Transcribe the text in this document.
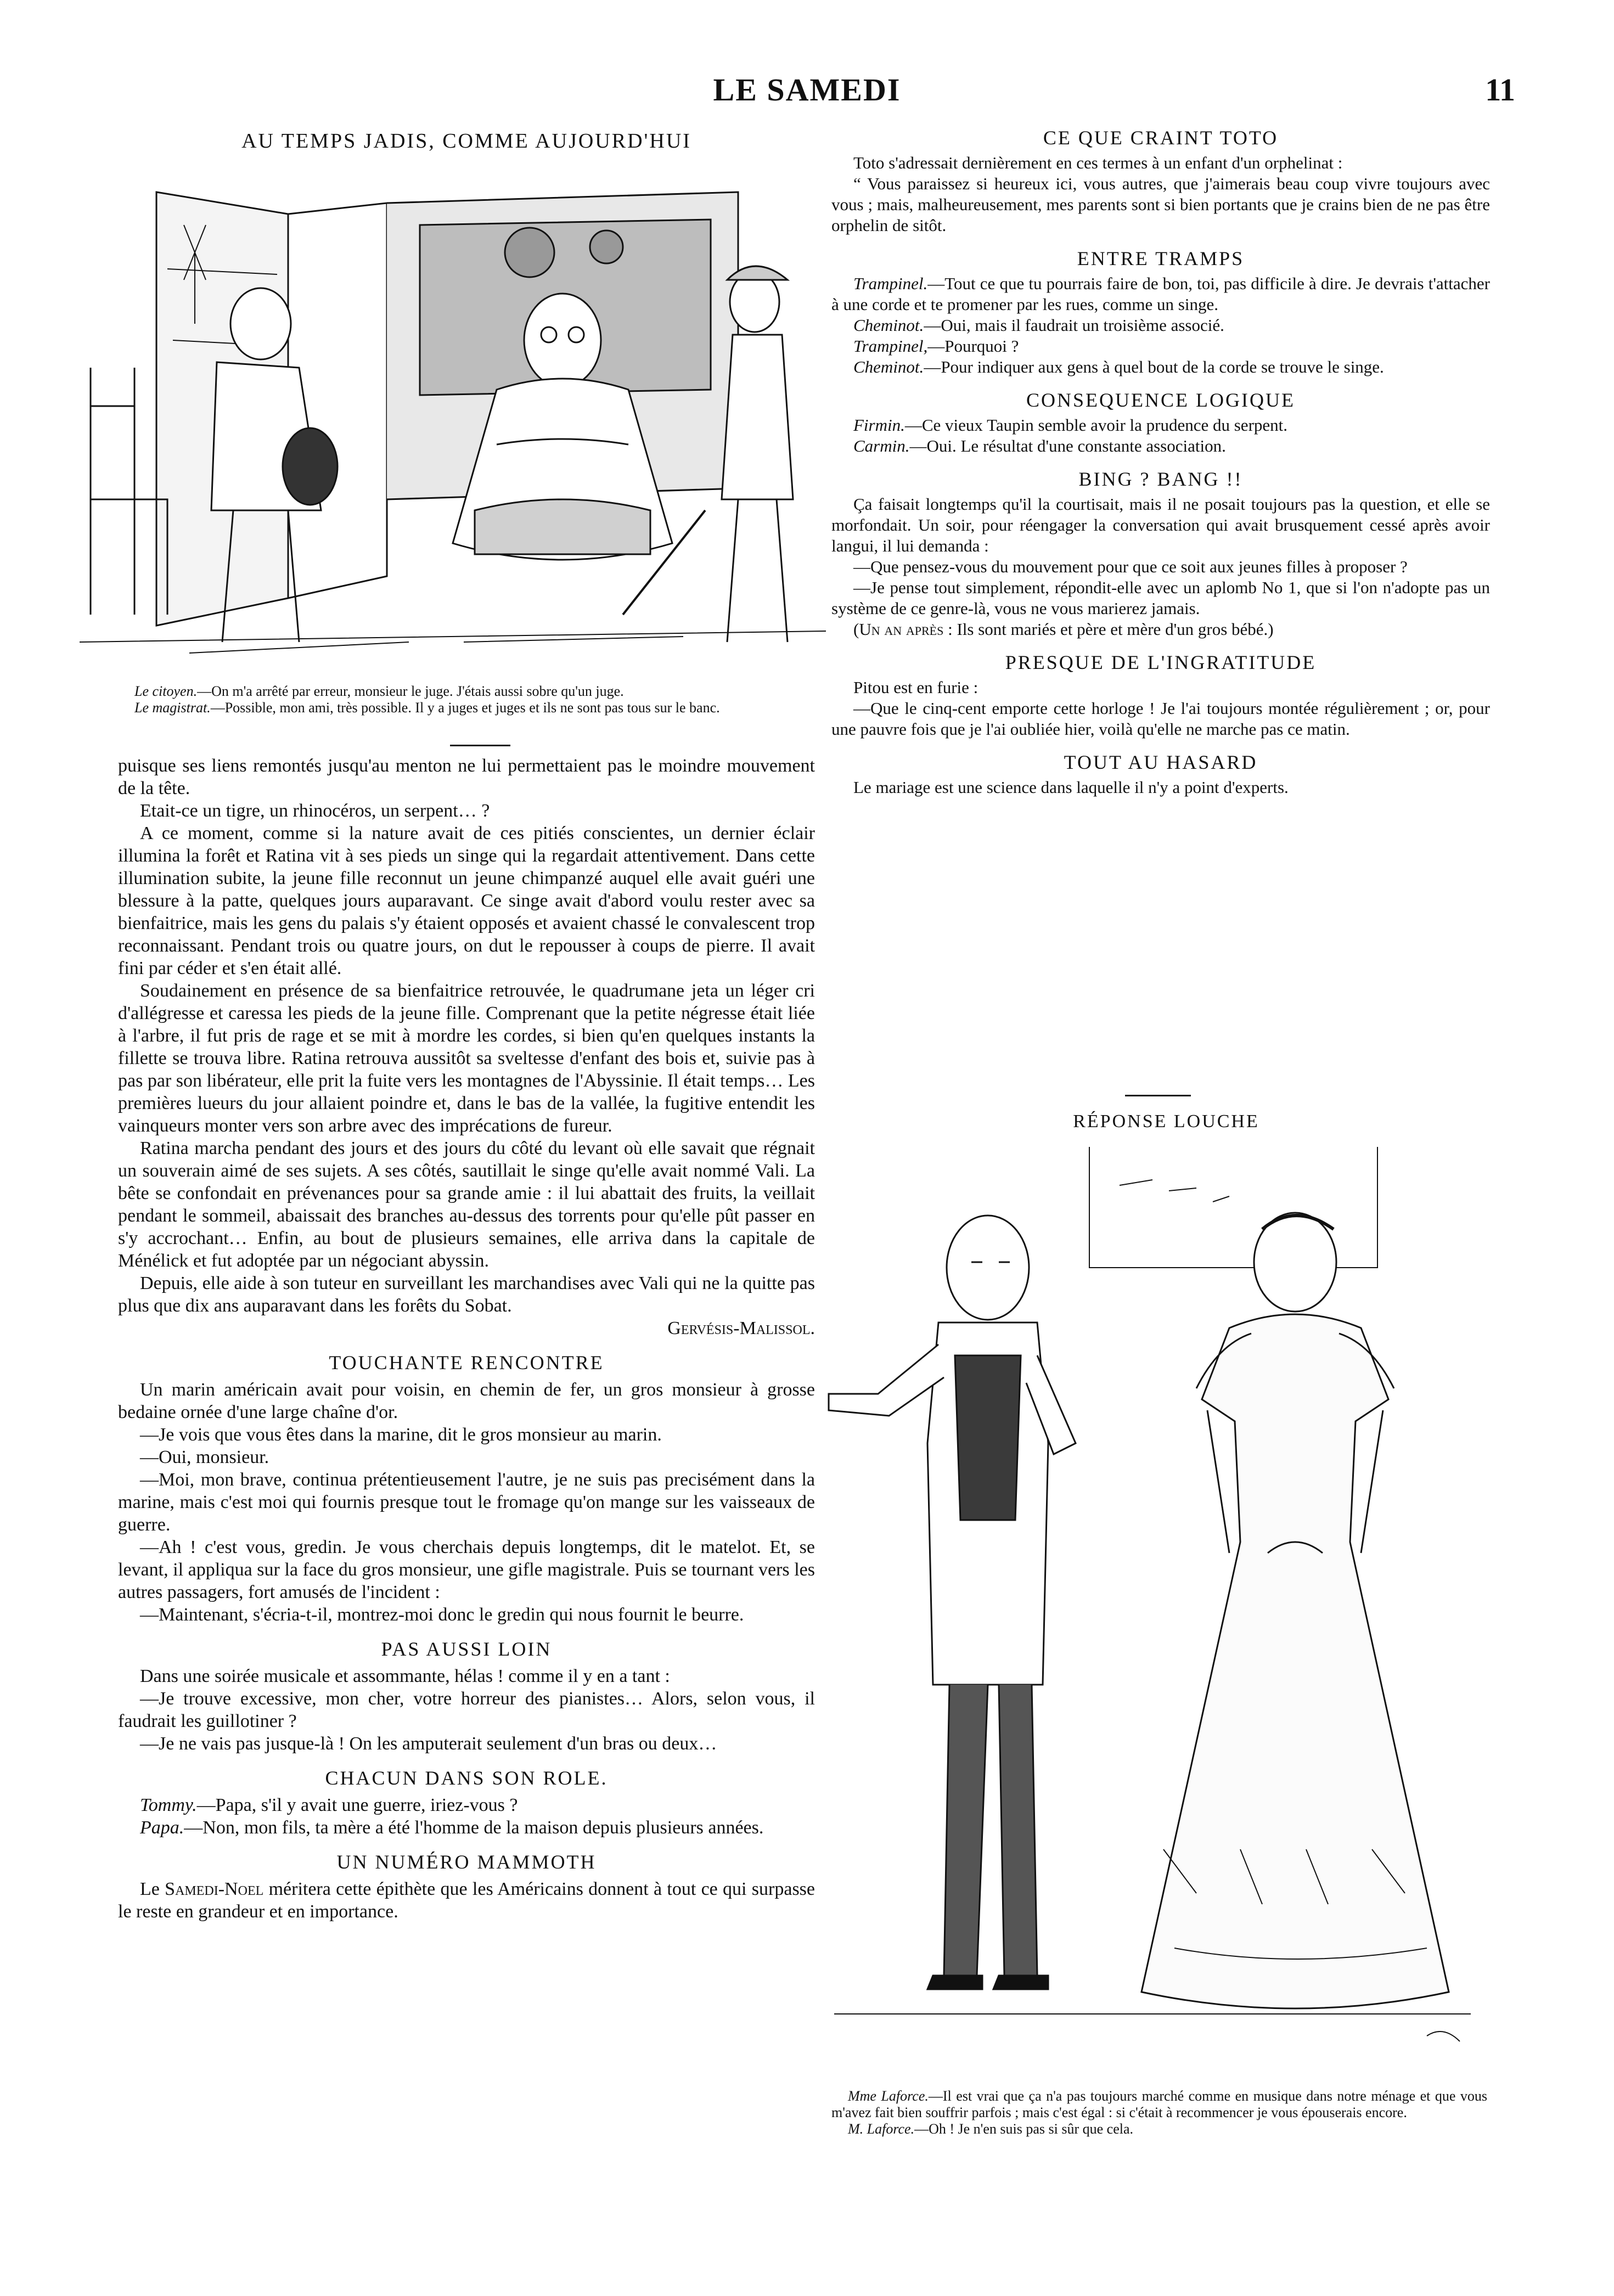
LE SAMEDI	11
AU TEMPS JADIS, COMME AUJOURD'HUI
Le citoyen.—On m'a arrêté par erreur, monsieur le juge. J'étais aussi sobre qu'un juge.
Le magistrat.—Possible, mon ami, très possible. Il y a juges et juges et ils ne sont pas tous sur le banc.

puisque ses liens remontés jusqu'au menton ne lui permettaient pas le moindre mouvement de la tête.

Etait-ce un tigre, un rhinocéros, un serpent… ?

A ce moment, comme si la nature avait de ces pitiés conscientes, un dernier éclair illumina la forêt et Ratina vit à ses pieds un singe qui la regardait attentivement. Dans cette illumination subite, la jeune fille reconnut un jeune chimpanzé auquel elle avait guéri une blessure à la patte, quelques jours auparavant. Ce singe avait d'abord voulu rester avec sa bienfaitrice, mais les gens du palais s'y étaient opposés et avaient chassé le convalescent trop reconnaissant. Pendant trois ou quatre jours, on dut le repousser à coups de pierre. Il avait fini par céder et s'en était allé.

Soudainement en présence de sa bienfaitrice retrouvée, le quadrumane jeta un léger cri d'allégresse et caressa les pieds de la jeune fille. Comprenant que la petite négresse était liée à l'arbre, il fut pris de rage et se mit à mordre les cordes, si bien qu'en quelques instants la fillette se trouva libre. Ratina retrouva aussitôt sa sveltesse d'enfant des bois et, suivie pas à pas par son libérateur, elle prit la fuite vers les montagnes de l'Abyssinie. Il était temps… Les premières lueurs du jour allaient poindre et, dans le bas de la vallée, la fugitive entendit les vainqueurs monter vers son arbre avec des imprécations de fureur.

Ratina marcha pendant des jours et des jours du côté du levant où elle savait que régnait un souverain aimé de ses sujets. A ses côtés, sautillait le singe qu'elle avait nommé Vali. La bête se confondait en prévenances pour sa grande amie : il lui abattait des fruits, la veillait pendant le sommeil, abaissait des branches au-dessus des torrents pour qu'elle pût passer en s'y accrochant… Enfin, au bout de plusieurs semaines, elle arriva dans la capitale de Ménélick et fut adoptée par un négociant abyssin.

Depuis, elle aide à son tuteur en surveillant les marchandises avec Vali qui ne la quitte pas plus que dix ans auparavant dans les forêts du Sobat.

Gervésis-Malissol.

TOUCHANTE RENCONTRE

Un marin américain avait pour voisin, en chemin de fer, un gros monsieur à grosse bedaine ornée d'une large chaîne d'or.

—Je vois que vous êtes dans la marine, dit le gros monsieur au marin.

—Oui, monsieur.

—Moi, mon brave, continua prétentieusement l'autre, je ne suis pas precisément dans la marine, mais c'est moi qui fournis presque tout le fromage qu'on mange sur les vaisseaux de guerre.

—Ah ! c'est vous, gredin. Je vous cherchais depuis longtemps, dit le matelot. Et, se levant, il appliqua sur la face du gros monsieur, une gifle magistrale. Puis se tournant vers les autres passagers, fort amusés de l'incident :

—Maintenant, s'écria-t-il, montrez-moi donc le gredin qui nous fournit le beurre.

PAS AUSSI LOIN

Dans une soirée musicale et assommante, hélas ! comme il y en a tant :

—Je trouve excessive, mon cher, votre horreur des pianistes… Alors, selon vous, il faudrait les guillotiner ?

—Je ne vais pas jusque-là ! On les amputerait seulement d'un bras ou deux…

CHACUN DANS SON ROLE.

Tommy.—Papa, s'il y avait une guerre, iriez-vous ?

Papa.—Non, mon fils, ta mère a été l'homme de la maison depuis plusieurs années.

UN NUMÉRO MAMMOTH

Le Samedi-Noel méritera cette épithète que les Américains donnent à tout ce qui surpasse le reste en grandeur et en importance.

CE QUE CRAINT TOTO

Toto s'adressait dernièrement en ces termes à un enfant d'un orphelinat :

“ Vous paraissez si heureux ici, vous autres, que j'aimerais beau coup vivre toujours avec vous ; mais, malheureusement, mes parents sont si bien portants que je crains bien de ne pas être orphelin de sitôt.

ENTRE TRAMPS

Trampinel.—Tout ce que tu pourrais faire de bon, toi, pas difficile à dire. Je devrais t'attacher à une corde et te promener par les rues, comme un singe.

Cheminot.—Oui, mais il faudrait un troisième associé.

Trampinel,—Pourquoi ?

Cheminot.—Pour indiquer aux gens à quel bout de la corde se trouve le singe.

CONSEQUENCE LOGIQUE

Firmin.—Ce vieux Taupin semble avoir la prudence du serpent.

Carmin.—Oui. Le résultat d'une constante association.

BING ? BANG !!

Ça faisait longtemps qu'il la courtisait, mais il ne posait toujours pas la question, et elle se morfondait. Un soir, pour réengager la conversation qui avait brusquement cessé après avoir langui, il lui demanda :

—Que pensez-vous du mouvement pour que ce soit aux jeunes filles à proposer ?

—Je pense tout simplement, répondit-elle avec un aplomb No 1, que si l'on n'adopte pas un système de ce genre-là, vous ne vous marierez jamais.

(Un an après : Ils sont mariés et père et mère d'un gros bébé.)

PRESQUE DE L'INGRATITUDE

Pitou est en furie :

—Que le cinq-cent emporte cette horloge ! Je l'ai toujours montée régulièrement ; or, pour une pauvre fois que je l'ai oubliée hier, voilà qu'elle ne marche pas ce matin.

TOUT AU HASARD

Le mariage est une science dans laquelle il n'y a point d'experts.

RÉPONSE LOUCHE
Mme Laforce.—Il est vrai que ça n'a pas toujours marché comme en musique dans notre ménage et que vous m'avez fait bien souffrir parfois ; mais c'est égal : si c'était à recommencer je vous épouserais encore.
M. Laforce.—Oh ! Je n'en suis pas si sûr que cela.
